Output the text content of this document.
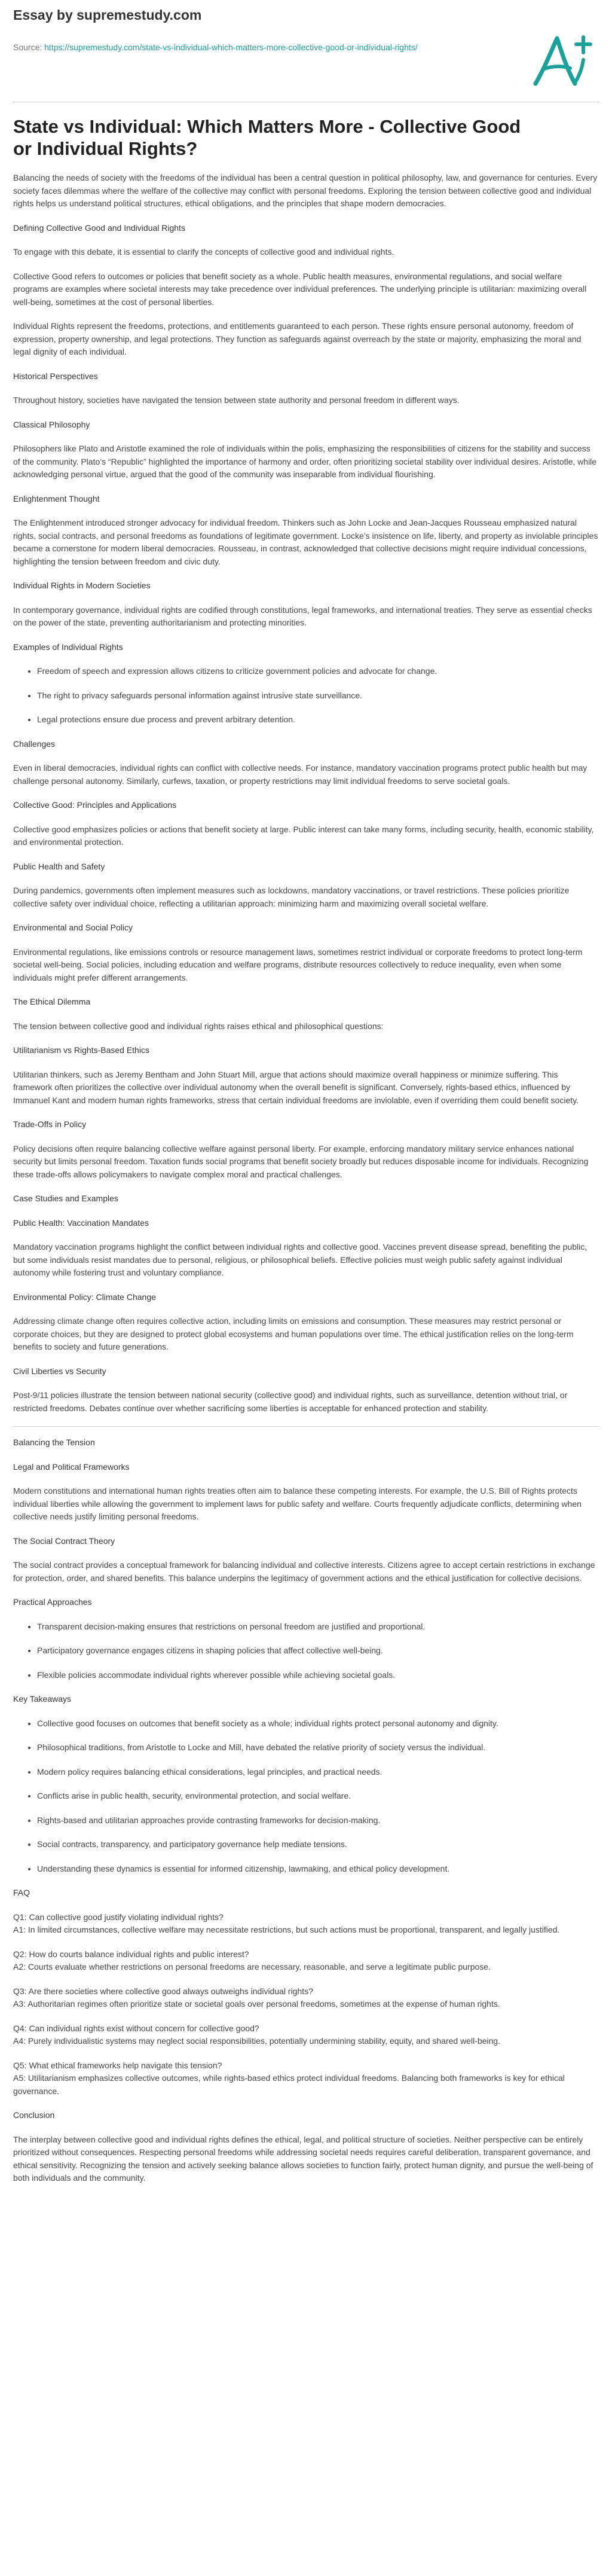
Essay by supremestudy.com
Source: https://supremestudy.com/state-vs-individual-which-matters-more-collective-good-or-individual-rights/
State vs Individual: Which Matters More - Collective Good or Individual Rights?

Balancing the needs of society with the freedoms of the individual has been a central question in political philosophy, law, and governance for centuries. Every society faces dilemmas where the welfare of the collective may conflict with personal freedoms. Exploring the tension between collective good and individual rights helps us understand political structures, ethical obligations, and the principles that shape modern democracies.

Defining Collective Good and Individual Rights

To engage with this debate, it is essential to clarify the concepts of collective good and individual rights.

Collective Good refers to outcomes or policies that benefit society as a whole. Public health measures, environmental regulations, and social welfare programs are examples where societal interests may take precedence over individual preferences. The underlying principle is utilitarian: maximizing overall well-being, sometimes at the cost of personal liberties.

Individual Rights represent the freedoms, protections, and entitlements guaranteed to each person. These rights ensure personal autonomy, freedom of expression, property ownership, and legal protections. They function as safeguards against overreach by the state or majority, emphasizing the moral and legal dignity of each individual.

Historical Perspectives

Throughout history, societies have navigated the tension between state authority and personal freedom in different ways.

Classical Philosophy

Philosophers like Plato and Aristotle examined the role of individuals within the polis, emphasizing the responsibilities of citizens for the stability and success of the community. Plato’s “Republic” highlighted the importance of harmony and order, often prioritizing societal stability over individual desires. Aristotle, while acknowledging personal virtue, argued that the good of the community was inseparable from individual flourishing.

Enlightenment Thought

The Enlightenment introduced stronger advocacy for individual freedom. Thinkers such as John Locke and Jean-Jacques Rousseau emphasized natural rights, social contracts, and personal freedoms as foundations of legitimate government. Locke’s insistence on life, liberty, and property as inviolable principles became a cornerstone for modern liberal democracies. Rousseau, in contrast, acknowledged that collective decisions might require individual concessions, highlighting the tension between freedom and civic duty.

Individual Rights in Modern Societies

In contemporary governance, individual rights are codified through constitutions, legal frameworks, and international treaties. They serve as essential checks on the power of the state, preventing authoritarianism and protecting minorities.

Examples of Individual Rights

• Freedom of speech and expression allows citizens to criticize government policies and advocate for change.
• The right to privacy safeguards personal information against intrusive state surveillance.
• Legal protections ensure due process and prevent arbitrary detention.

Challenges

Even in liberal democracies, individual rights can conflict with collective needs. For instance, mandatory vaccination programs protect public health but may challenge personal autonomy. Similarly, curfews, taxation, or property restrictions may limit individual freedoms to serve societal goals.

Collective Good: Principles and Applications

Collective good emphasizes policies or actions that benefit society at large. Public interest can take many forms, including security, health, economic stability, and environmental protection.

Public Health and Safety

During pandemics, governments often implement measures such as lockdowns, mandatory vaccinations, or travel restrictions. These policies prioritize collective safety over individual choice, reflecting a utilitarian approach: minimizing harm and maximizing overall societal welfare.

Environmental and Social Policy

Environmental regulations, like emissions controls or resource management laws, sometimes restrict individual or corporate freedoms to protect long-term societal well-being. Social policies, including education and welfare programs, distribute resources collectively to reduce inequality, even when some individuals might prefer different arrangements.

The Ethical Dilemma

The tension between collective good and individual rights raises ethical and philosophical questions:

Utilitarianism vs Rights-Based Ethics

Utilitarian thinkers, such as Jeremy Bentham and John Stuart Mill, argue that actions should maximize overall happiness or minimize suffering. This framework often prioritizes the collective over individual autonomy when the overall benefit is significant. Conversely, rights-based ethics, influenced by Immanuel Kant and modern human rights frameworks, stress that certain individual freedoms are inviolable, even if overriding them could benefit society.

Trade-Offs in Policy

Policy decisions often require balancing collective welfare against personal liberty. For example, enforcing mandatory military service enhances national security but limits personal freedom. Taxation funds social programs that benefit society broadly but reduces disposable income for individuals. Recognizing these trade-offs allows policymakers to navigate complex moral and practical challenges.

Case Studies and Examples

Public Health: Vaccination Mandates

Mandatory vaccination programs highlight the conflict between individual rights and collective good. Vaccines prevent disease spread, benefiting the public, but some individuals resist mandates due to personal, religious, or philosophical beliefs. Effective policies must weigh public safety against individual autonomy while fostering trust and voluntary compliance.

Environmental Policy: Climate Change

Addressing climate change often requires collective action, including limits on emissions and consumption. These measures may restrict personal or corporate choices, but they are designed to protect global ecosystems and human populations over time. The ethical justification relies on the long-term benefits to society and future generations.

Civil Liberties vs Security

Post-9/11 policies illustrate the tension between national security (collective good) and individual rights, such as surveillance, detention without trial, or restricted freedoms. Debates continue over whether sacrificing some liberties is acceptable for enhanced protection and stability.

Balancing the Tension

Legal and Political Frameworks

Modern constitutions and international human rights treaties often aim to balance these competing interests. For example, the U.S. Bill of Rights protects individual liberties while allowing the government to implement laws for public safety and welfare. Courts frequently adjudicate conflicts, determining when collective needs justify limiting personal freedoms.

The Social Contract Theory

The social contract provides a conceptual framework for balancing individual and collective interests. Citizens agree to accept certain restrictions in exchange for protection, order, and shared benefits. This balance underpins the legitimacy of government actions and the ethical justification for collective decisions.

Practical Approaches

• Transparent decision-making ensures that restrictions on personal freedom are justified and proportional.
• Participatory governance engages citizens in shaping policies that affect collective well-being.
• Flexible policies accommodate individual rights wherever possible while achieving societal goals.

Key Takeaways

• Collective good focuses on outcomes that benefit society as a whole; individual rights protect personal autonomy and dignity.
• Philosophical traditions, from Aristotle to Locke and Mill, have debated the relative priority of society versus the individual.
• Modern policy requires balancing ethical considerations, legal principles, and practical needs.
• Conflicts arise in public health, security, environmental protection, and social welfare.
• Rights-based and utilitarian approaches provide contrasting frameworks for decision-making.
• Social contracts, transparency, and participatory governance help mediate tensions.
• Understanding these dynamics is essential for informed citizenship, lawmaking, and ethical policy development.

FAQ

Q1: Can collective good justify violating individual rights?

A1: In limited circumstances, collective welfare may necessitate restrictions, but such actions must be proportional, transparent, and legally justified.

Q2: How do courts balance individual rights and public interest?

A2: Courts evaluate whether restrictions on personal freedoms are necessary, reasonable, and serve a legitimate public purpose.

Q3: Are there societies where collective good always outweighs individual rights?

A3: Authoritarian regimes often prioritize state or societal goals over personal freedoms, sometimes at the expense of human rights.

Q4: Can individual rights exist without concern for collective good?

A4: Purely individualistic systems may neglect social responsibilities, potentially undermining stability, equity, and shared well-being.

Q5: What ethical frameworks help navigate this tension?

A5: Utilitarianism emphasizes collective outcomes, while rights-based ethics protect individual freedoms. Balancing both frameworks is key for ethical governance.

Conclusion

The interplay between collective good and individual rights defines the ethical, legal, and political structure of societies. Neither perspective can be entirely prioritized without consequences. Respecting personal freedoms while addressing societal needs requires careful deliberation, transparent governance, and ethical sensitivity. Recognizing the tension and actively seeking balance allows societies to function fairly, protect human dignity, and pursue the well-being of both individuals and the community.
